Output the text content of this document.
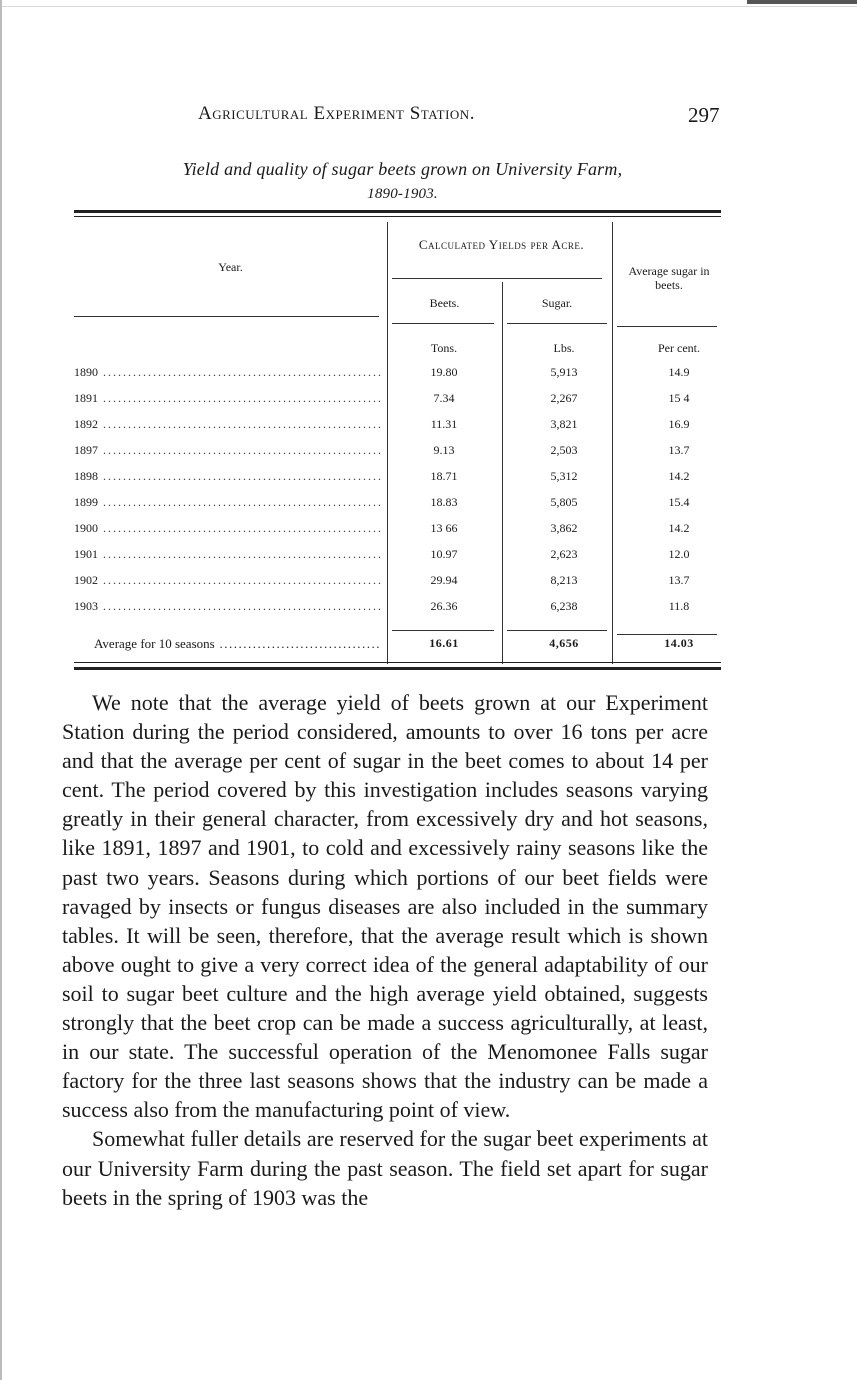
Agricultural Experiment Station.	297
Yield and quality of sugar beets grown on University Farm,
1890-1903.
Year.
Calculated Yields per Acre.
Beets.	Sugar.
Average sugar in beets.
Tons.	Lbs.	Per cent.
1890 .....	19.80	5,913	14.9
1891 .....	7.34	2,267	15 4
1892 .....	11.31	3,821	16.9
1897 .....	9.13	2,503	13.7
1898 .....	18.71	5,312	14.2
1899 .....	18.83	5,805	15.4
1900 .....	13 66	3,862	14.2
1901 .....	10.97	2,623	12.0
1902 .....	29.94	8,213	13.7
1903 .....	26.36	6,238	11.8
Average for 10 seasons .....	16.61	4,656	14.03

We note that the average yield of beets grown at our Experiment Station during the period considered, amounts to over 16 tons per acre and that the average per cent of sugar in the beet comes to about 14 per cent. The period covered by this investigation includes seasons varying greatly in their general character, from excessively dry and hot seasons, like 1891, 1897 and 1901, to cold and excessively rainy seasons like the past two years. Seasons during which portions of our beet fields were ravaged by insects or fungus diseases are also included in the summary tables. It will be seen, therefore, that the average result which is shown above ought to give a very correct idea of the general adaptability of our soil to sugar beet culture and the high average yield obtained, suggests strongly that the beet crop can be made a success agriculturally, at least, in our state. The successful operation of the Menomonee Falls sugar factory for the three last seasons shows that the industry can be made a success also from the manufacturing point of view.

Somewhat fuller details are reserved for the sugar beet experiments at our University Farm during the past season. The field set apart for sugar beets in the spring of 1903 was the
